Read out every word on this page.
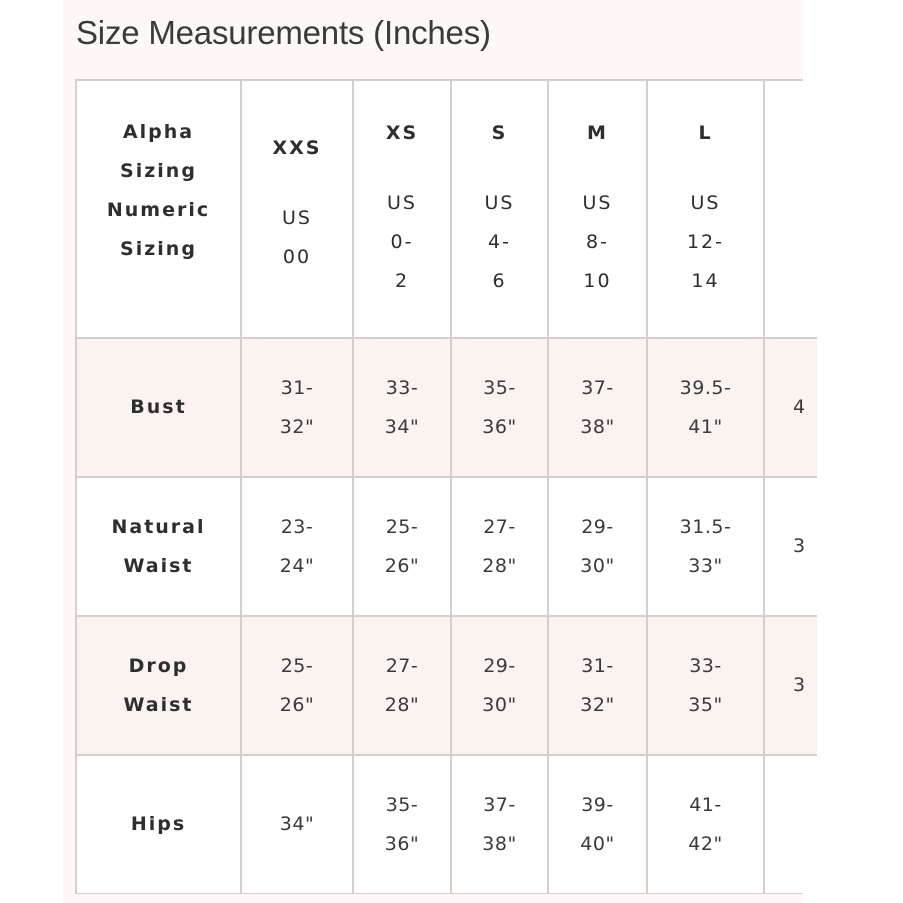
Size Measurements (Inches)
Alpha
Sizing
Numeric
Sizing
XXS
US
00
XS
US
0-
2
S
US
4-
6
M
US
8-
10
L
US
12-
14
Bust
31-
32"
33-
34"
35-
36"
37-
38"
39.5-
41"
4
Natural
Waist
23-
24"
25-
26"
27-
28"
29-
30"
31.5-
33"
3
Drop
Waist
25-
26"
27-
28"
29-
30"
31-
32"
33-
35"
3
Hips	34"
35-
36"
37-
38"
39-
40"
41-
42"
